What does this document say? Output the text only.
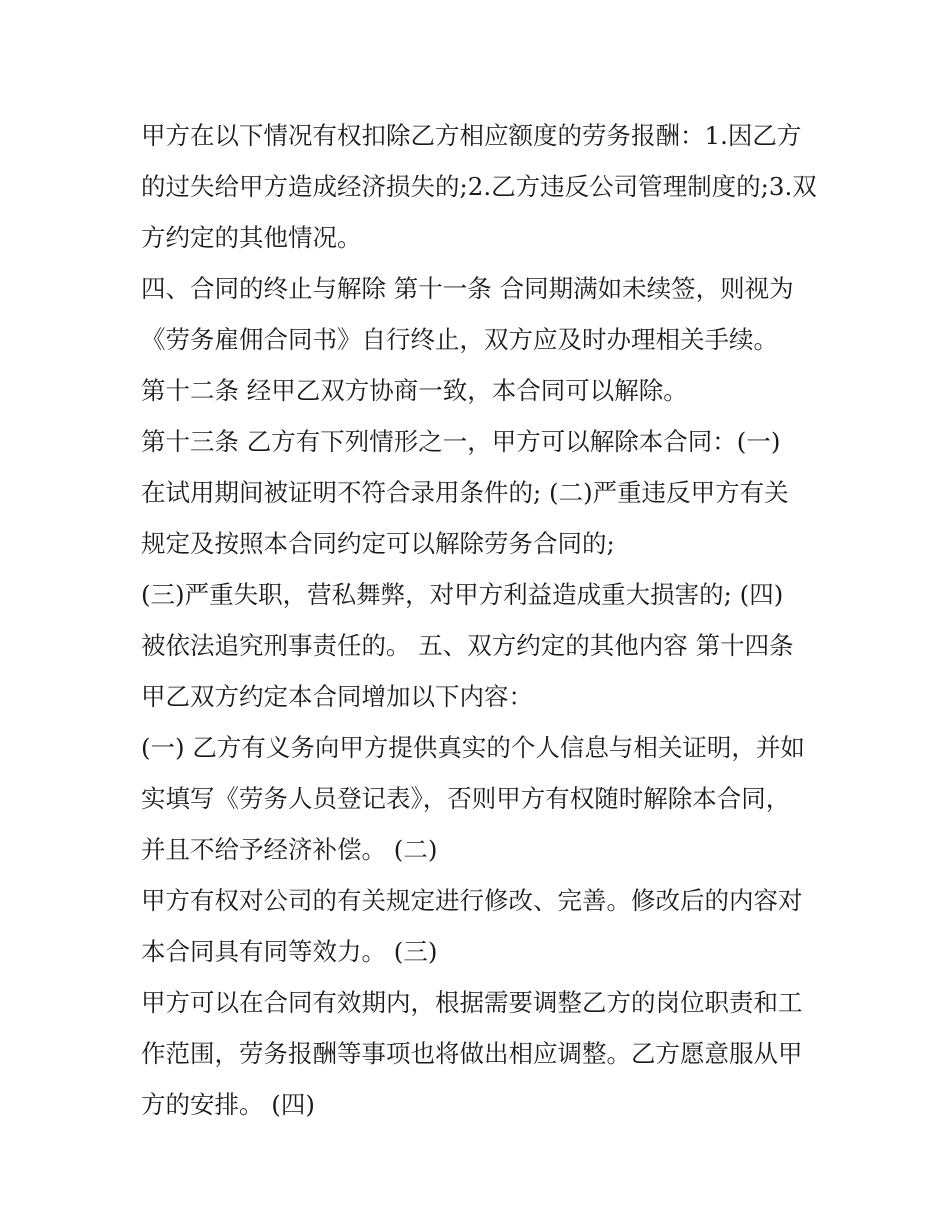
甲方在以下情况有权扣除乙方相应额度的劳务报酬：1.因乙方
的过失给甲方造成经济损失的;2.乙方违反公司管理制度的;3.双
方约定的其他情况。
四、合同的终止与解除 第十一条 合同期满如未续签，则视为
《劳务雇佣合同书》自行终止，双方应及时办理相关手续。
第十二条 经甲乙双方协商一致，本合同可以解除。
第十三条 乙方有下列情形之一，甲方可以解除本合同：(一)
在试用期间被证明不符合录用条件的; (二)严重违反甲方有关
规定及按照本合同约定可以解除劳务合同的;
(三)严重失职，营私舞弊，对甲方利益造成重大损害的; (四)
被依法追究刑事责任的。 五、双方约定的其他内容 第十四条
甲乙双方约定本合同增加以下内容：
(一) 乙方有义务向甲方提供真实的个人信息与相关证明，并如
实填写《劳务人员登记表》，否则甲方有权随时解除本合同，
并且不给予经济补偿。 (二)
甲方有权对公司的有关规定进行修改、完善。修改后的内容对
本合同具有同等效力。 (三)
甲方可以在合同有效期内，根据需要调整乙方的岗位职责和工
作范围，劳务报酬等事项也将做出相应调整。乙方愿意服从甲
方的安排。 (四)
